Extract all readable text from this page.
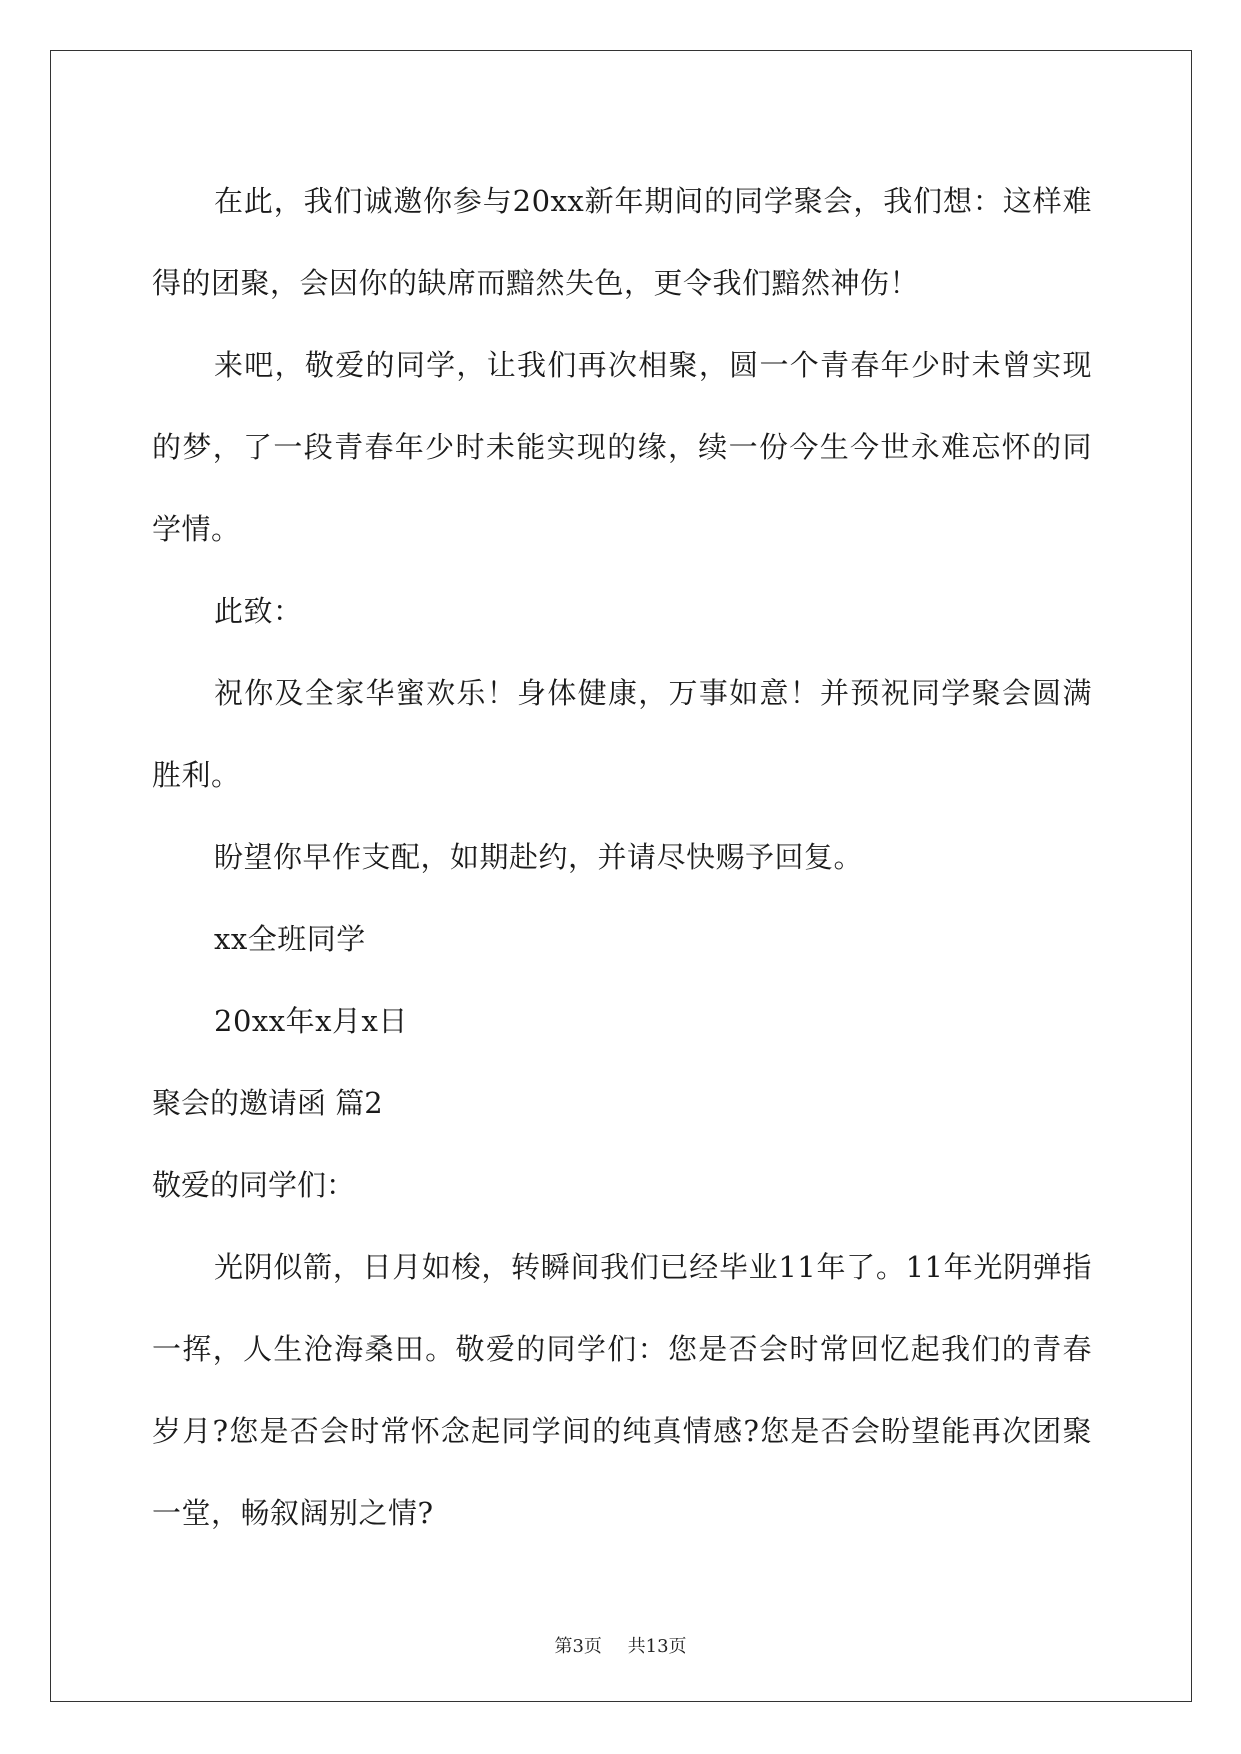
在此，我们诚邀你参与20xx新年期间的同学聚会，我们想：这样难得的团聚，会因你的缺席而黯然失色，更令我们黯然神伤！

来吧，敬爱的同学，让我们再次相聚，圆一个青春年少时未曾实现的梦，了一段青春年少时未能实现的缘，续一份今生今世永难忘怀的同学情。

此致：

祝你及全家华蜜欢乐！身体健康，万事如意！并预祝同学聚会圆满胜利。

盼望你早作支配，如期赴约，并请尽快赐予回复。

xx全班同学

20xx年x月x日

聚会的邀请函 篇2

敬爱的同学们：

光阴似箭，日月如梭，转瞬间我们已经毕业11年了。11年光阴弹指一挥，人生沧海桑田。敬爱的同学们：您是否会时常回忆起我们的青春岁月?您是否会时常怀念起同学间的纯真情感?您是否会盼望能再次团聚一堂，畅叙阔别之情?

第3页 共13页
